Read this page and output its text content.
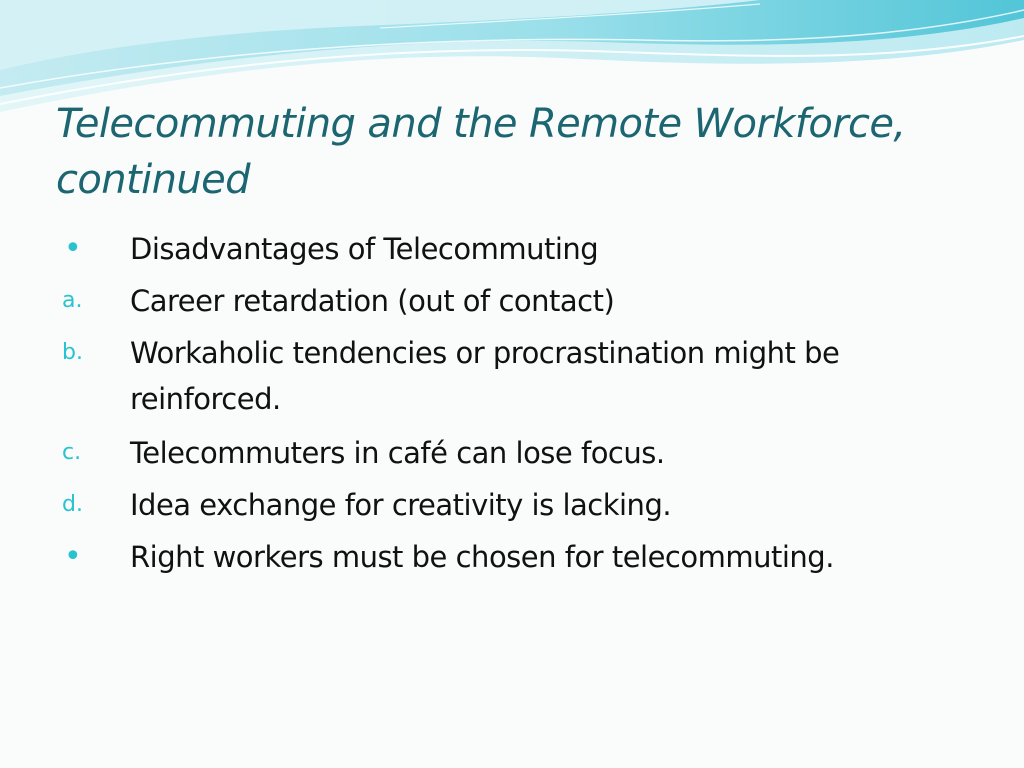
Telecommuting and the Remote Workforce,
continued
• Disadvantages of Telecommuting
a. Career retardation (out of contact)
b. Workaholic tendencies or procrastination might be
reinforced.
c. Telecommuters in café can lose focus.
d. Idea exchange for creativity is lacking.
• Right workers must be chosen for telecommuting.
